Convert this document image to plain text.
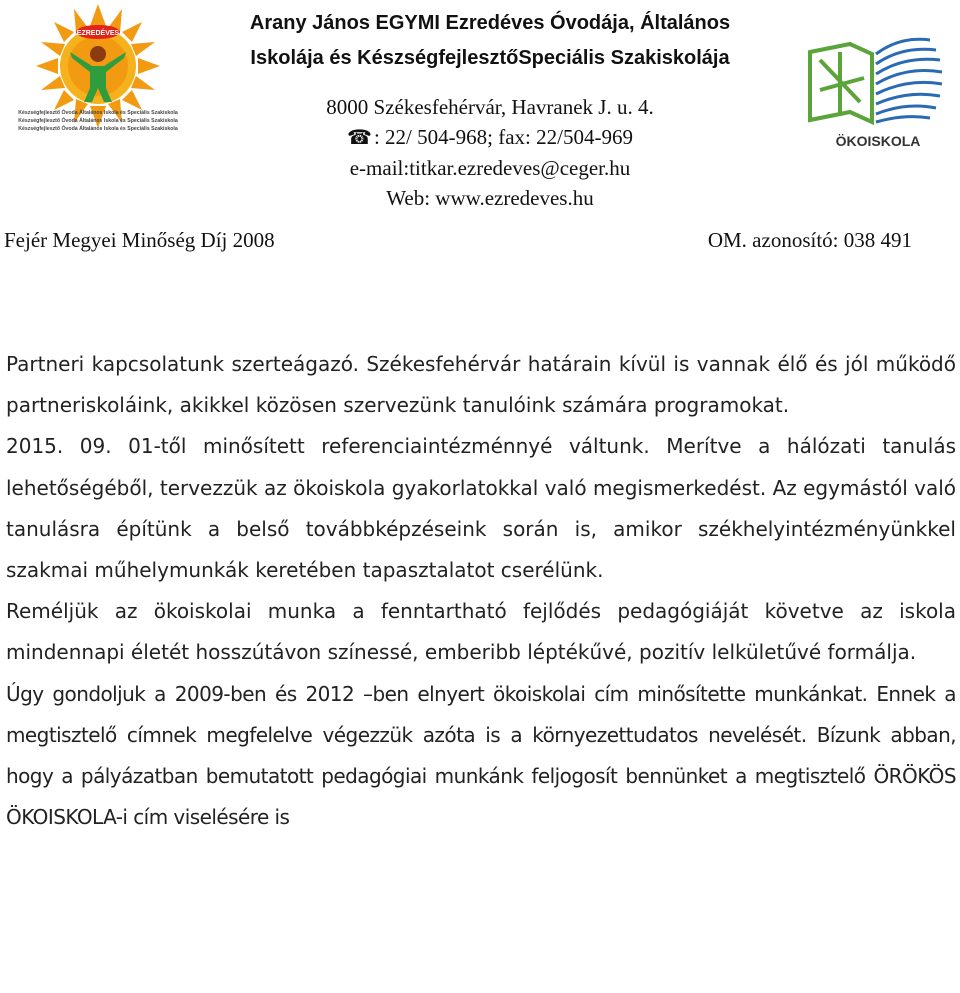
EZREDÉVES
Készségfejlesztő Óvoda Általános Iskola és Speciális Szakiskola
Készségfejlesztő Óvoda Általános Iskola és Speciális Szakiskola
Készségfejlesztő Óvoda Általános Iskola és Speciális Szakiskola
Arany János EGYMI Ezredéves Óvodája, Általános
Iskolája és KészségfejlesztőSpeciális Szakiskolája
8000 Székesfehérvár, Havranek J. u. 4.
☎: 22/ 504-968; fax: 22/504-969
e-mail:titkar.ezredeves@ceger.hu
Web: www.ezredeves.hu
ÖKOISKOLA
Fejér Megyei Minőség Díj 2008	OM. azonosító: 038 491

Partneri kapcsolatunk szerteágazó. Székesfehérvár határain kívül is vannak élő és jól működő partneriskoláink, akikkel közösen szervezünk tanulóink számára programokat.

2015. 09. 01-től minősített referenciaintézménnyé váltunk. Merítve a hálózati tanulás lehetőségéből, tervezzük az ökoiskola gyakorlatokkal való megismerkedést. Az egymástól való tanulásra építünk a belső továbbképzéseink során is, amikor székhelyintézményünkkel szakmai műhelymunkák keretében tapasztalatot cserélünk.

Reméljük az ökoiskolai munka a fenntartható fejlődés pedagógiáját követve az iskola mindennapi életét hosszútávon színessé, emberibb léptékűvé, pozitív lelkületűvé formálja.

Úgy gondoljuk a 2009-ben és 2012 –ben elnyert ökoiskolai cím minősítette munkánkat. Ennek a megtisztelő címnek megfelelve végezzük azóta is a környezettudatos nevelését. Bízunk abban, hogy a pályázatban bemutatott pedagógiai munkánk feljogosít bennünket a megtisztelő ÖRÖKÖS ÖKOISKOLA-i cím viselésére is
